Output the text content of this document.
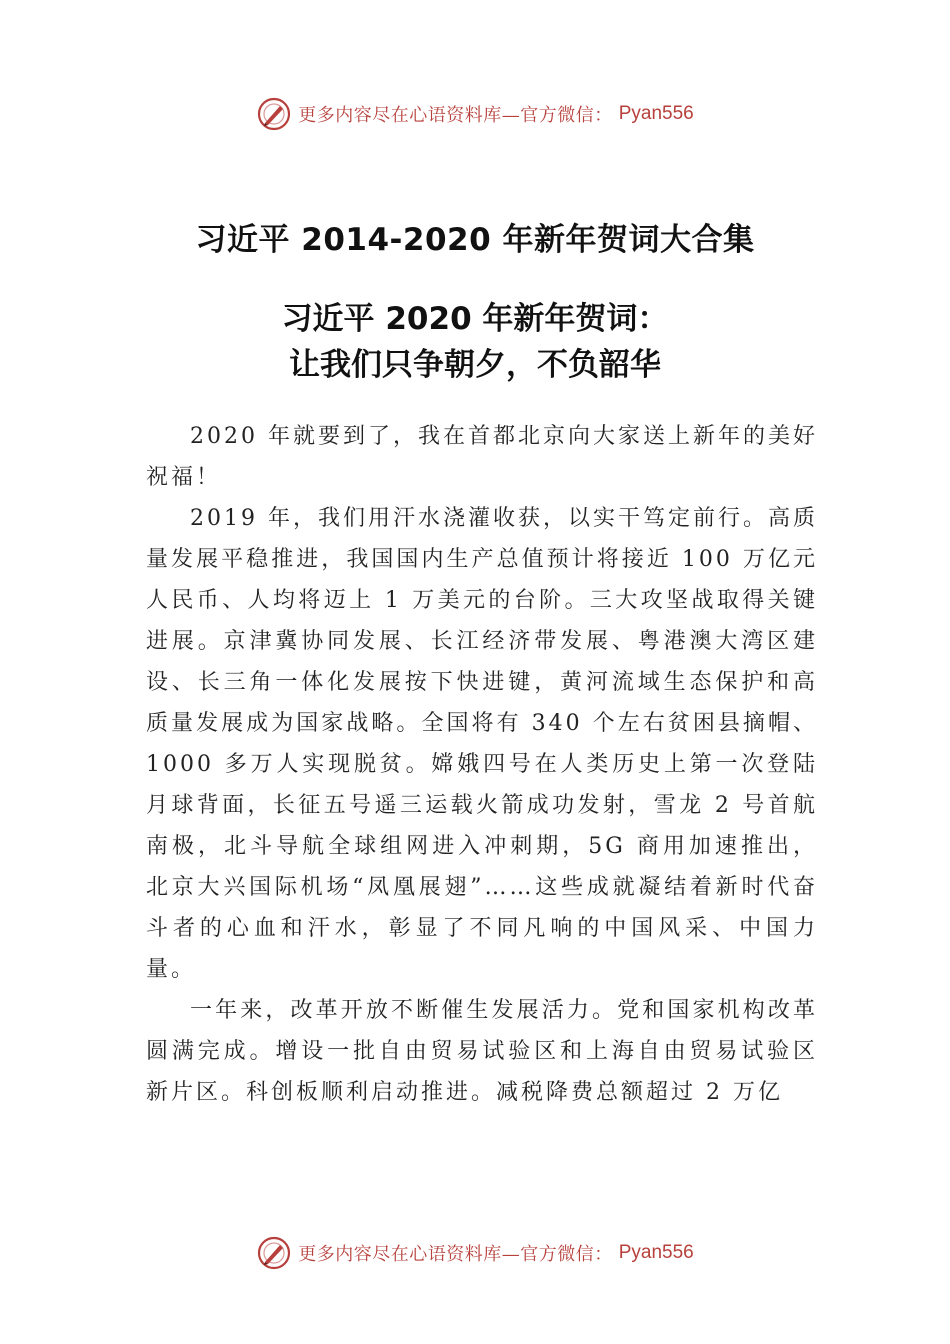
更多内容尽在心语资料库—官方微信： Pyan556
习近平 2014-2020 年新年贺词大合集
习近平 2020 年新年贺词：
让我们只争朝夕，不负韶华

2020 年就要到了，我在首都北京向大家送上新年的美好祝福！

2019 年，我们用汗水浇灌收获，以实干笃定前行。高质量发展平稳推进，我国国内生产总值预计将接近 100 万亿元人民币、人均将迈上 1 万美元的台阶。三大攻坚战取得关键进展。京津冀协同发展、长江经济带发展、粤港澳大湾区建设、长三角一体化发展按下快进键，黄河流域生态保护和高质量发展成为国家战略。全国将有 340 个左右贫困县摘帽、1000 多万人实现脱贫。嫦娥四号在人类历史上第一次登陆月球背面，长征五号遥三运载火箭成功发射，雪龙 2 号首航南极，北斗导航全球组网进入冲刺期，5G 商用加速推出，北京大兴国际机场“凤凰展翅”……这些成就凝结着新时代奋斗者的心血和汗水，彰显了不同凡响的中国风采、中国力量。

一年来，改革开放不断催生发展活力。党和国家机构改革圆满完成。增设一批自由贸易试验区和上海自由贸易试验区新片区。科创板顺利启动推进。减税降费总额超过 2 万亿

更多内容尽在心语资料库—官方微信： Pyan556
